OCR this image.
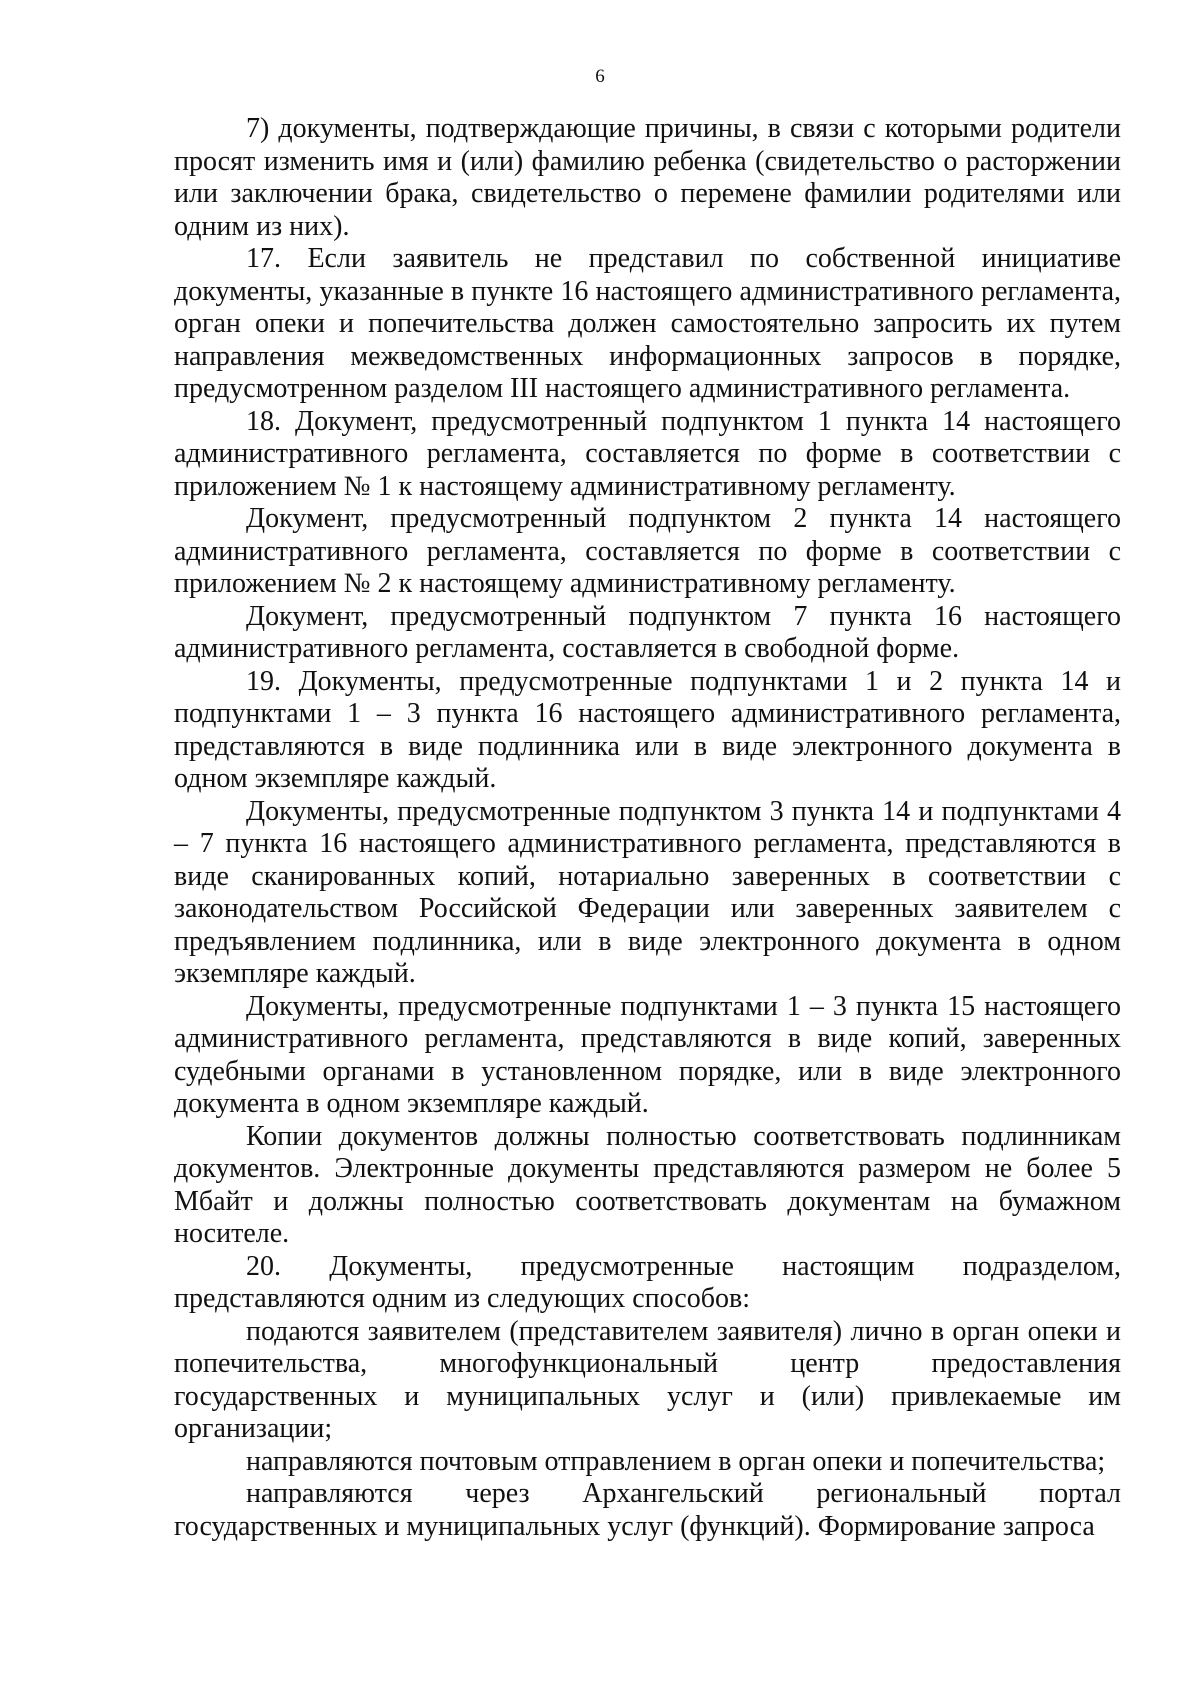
6

7) документы, подтверждающие причины, в связи с которыми родители просят изменить имя и (или) фамилию ребенка (свидетельство о расторжении или заключении брака, свидетельство о перемене фамилии родителями или одним из них).

17. Если заявитель не представил по собственной инициативе документы, указанные в пункте 16 настоящего административного регламента, орган опеки и попечительства должен самостоятельно запросить их путем направления межведомственных информационных запросов в порядке, предусмотренном разделом III настоящего административного регламента.

18. Документ, предусмотренный подпунктом 1 пункта 14 настоящего административного регламента, составляется по форме в соответствии с приложением № 1 к настоящему административному регламенту.

Документ, предусмотренный подпунктом 2 пункта 14 настоящего административного регламента, составляется по форме в соответствии с приложением № 2 к настоящему административному регламенту.

Документ, предусмотренный подпунктом 7 пункта 16 настоящего административного регламента, составляется в свободной форме.

19. Документы, предусмотренные подпунктами 1 и 2 пункта 14 и подпунктами 1 – 3 пункта 16 настоящего административного регламента, представляются в виде подлинника или в виде электронного документа в одном экземпляре каждый.

Документы, предусмотренные подпунктом 3 пункта 14 и подпунктами 4 – 7 пункта 16 настоящего административного регламента, представляются в виде сканированных копий, нотариально заверенных в соответствии с законодательством Российской Федерации или заверенных заявителем с предъявлением подлинника, или в виде электронного документа в одном экземпляре каждый.

Документы, предусмотренные подпунктами 1 – 3 пункта 15 настоящего административного регламента, представляются в виде копий, заверенных судебными органами в установленном порядке, или в виде электронного документа в одном экземпляре каждый.

Копии документов должны полностью соответствовать подлинникам документов. Электронные документы представляются размером не более 5 Мбайт и должны полностью соответствовать документам на бумажном носителе.

20. Документы, предусмотренные настоящим подразделом, представляются одним из следующих способов:

подаются заявителем (представителем заявителя) лично в орган опеки и попечительства, многофункциональный центр предоставления государственных и муниципальных услуг и (или) привлекаемые им организации;

направляются почтовым отправлением в орган опеки и попечительства;

направляются через Архангельский региональный портал государственных и муниципальных услуг (функций). Формирование запроса
